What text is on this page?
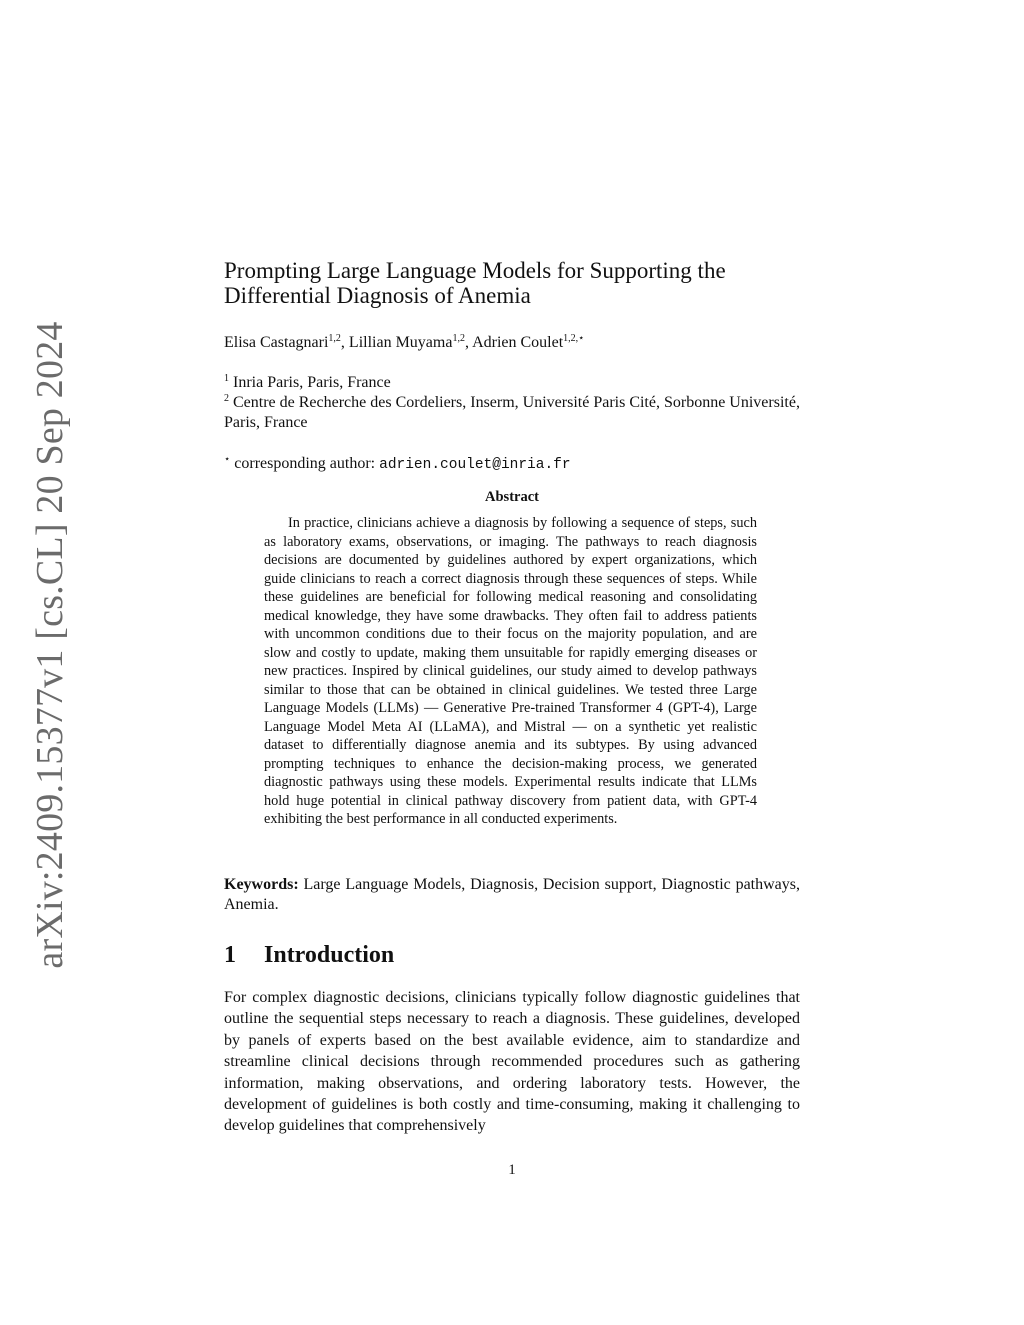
arXiv:2409.15377v1 [cs.CL] 20 Sep 2024
Prompting Large Language Models for Supporting the
Differential Diagnosis of Anemia
Elisa Castagnari$^{1,2}$, Lillian Muyama$^{1,2}$, Adrien Coulet$^{1,2,⋆}$
$^1$ Inria Paris, Paris, France
$^2$ Centre de Recherche des Cordeliers, Inserm, Université Paris Cité, Sorbonne Université, Paris, France
⋆ corresponding author: adrien.coulet@inria.fr
Abstract

In practice, clinicians achieve a diagnosis by following a sequence of steps, such as laboratory exams, observations, or imaging. The pathways to reach diagnosis decisions are documented by guidelines authored by expert organizations, which guide clinicians to reach a correct diagnosis through these sequences of steps. While these guidelines are beneficial for following medical reasoning and consolidating medical knowledge, they have some drawbacks. They often fail to address patients with uncommon conditions due to their focus on the majority population, and are slow and costly to update, making them unsuitable for rapidly emerging diseases or new practices. Inspired by clinical guidelines, our study aimed to develop pathways similar to those that can be obtained in clinical guidelines. We tested three Large Language Models (LLMs) — Generative Pre-trained Transformer 4 (GPT-4), Large Language Model Meta AI (LLaMA), and Mistral — on a synthetic yet realistic dataset to differentially diagnose anemia and its subtypes. By using advanced prompting techniques to enhance the decision-making process, we generated diagnostic pathways using these models. Experimental results indicate that LLMs hold huge potential in clinical pathway discovery from patient data, with GPT-4 exhibiting the best performance in all conducted experiments.

Keywords: Large Language Models, Diagnosis, Decision support, Diagnostic pathways, Anemia.

1 Introduction

For complex diagnostic decisions, clinicians typically follow diagnostic guidelines that outline the sequential steps necessary to reach a diagnosis. These guidelines, developed by panels of experts based on the best available evidence, aim to standardize and streamline clinical decisions through recommended procedures such as gathering information, making observations, and ordering laboratory tests. However, the development of guidelines is both costly and time-consuming, making it challenging to develop guidelines that comprehensively

1
